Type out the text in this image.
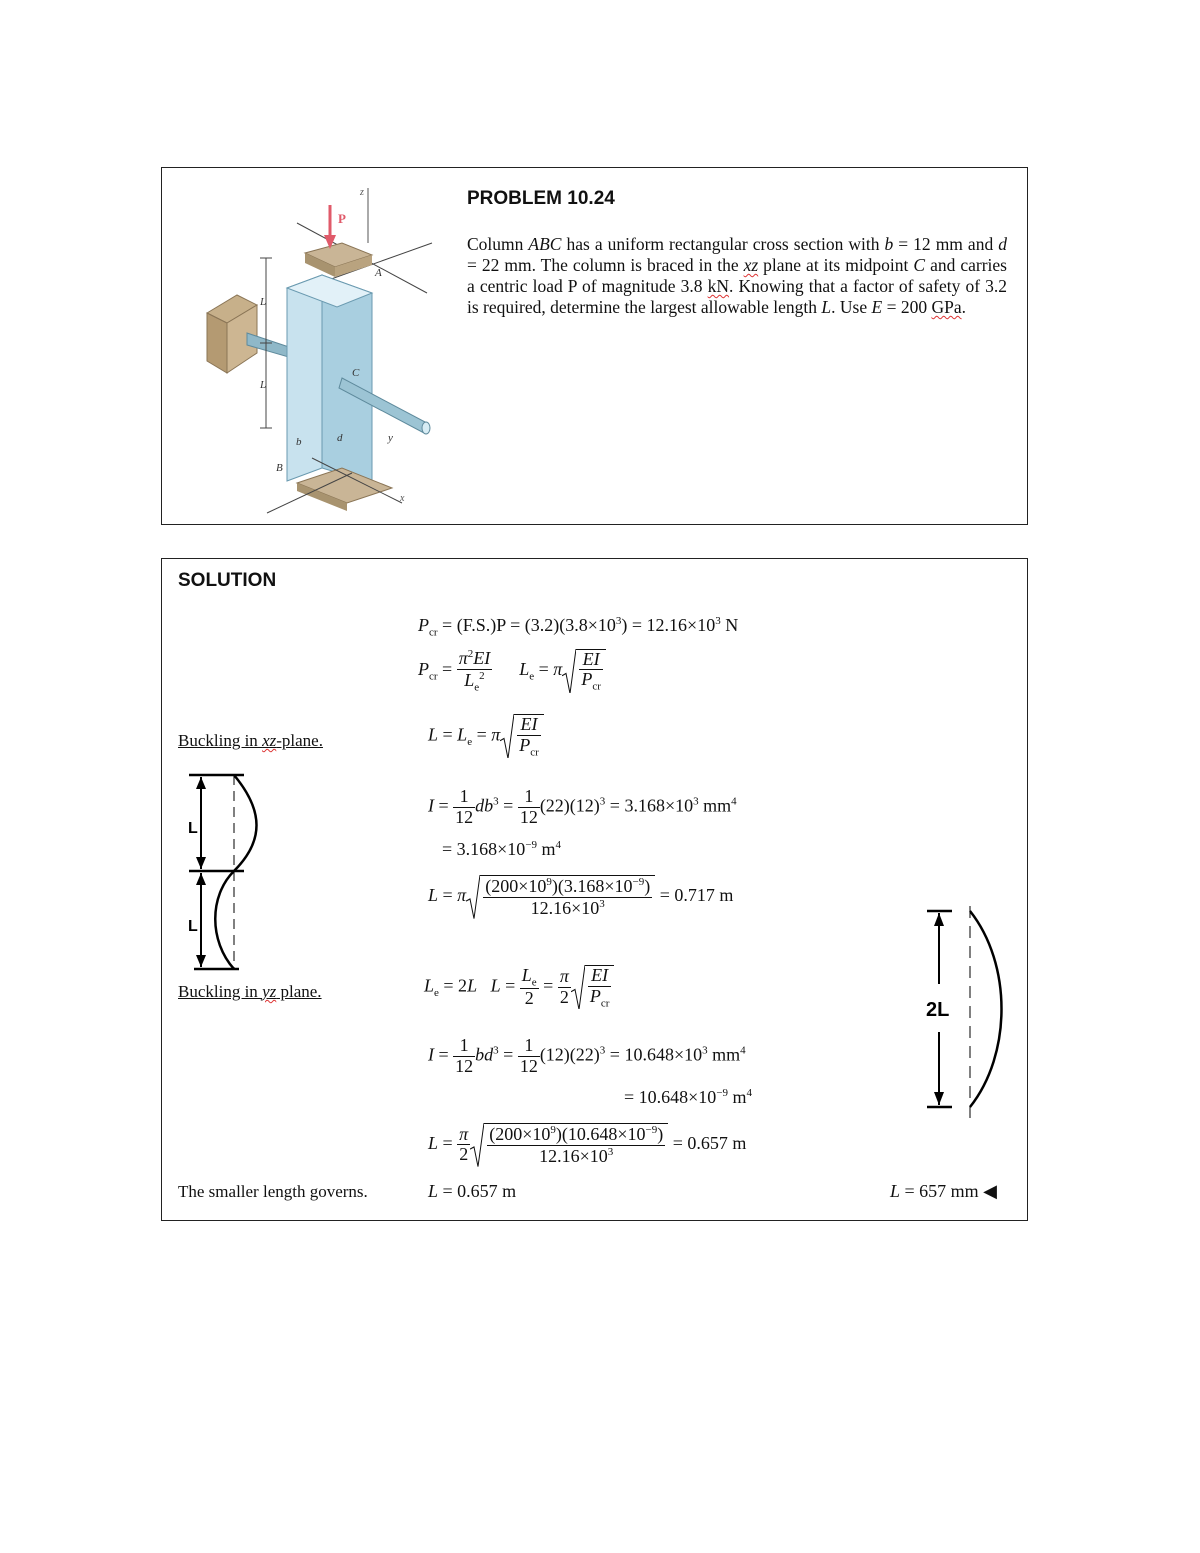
z
P
L
L
A
C
b	d	y
B
x
PROBLEM 10.24
Column ABC has a uniform rectangular cross section with b = 12 mm and d = 22 mm. The column is braced in the xz plane at its midpoint C and carries a centric load P of magnitude 3.8 kN. Knowing that a factor of safety of 3.2 is required, determine the largest allowable length L. Use E = 200 GPa.
SOLUTION
$P_{cr} = (F.S.)P = (3.2)(3.8\times 10^3) = 12.16\times 10^3$ N
$P_{cr} = \frac{\pi^2EI}{L_e^2} L_e = \pi \frac{EI}{P_{cr}}$
Buckling in xz-plane.	$L = L_e = \pi \frac{EI}{P_{cr}}$
L
L
$I = \frac{1}{12} db^3 = \frac{1}{12} (22)(12)^3 = 3.168\times 10^3$ $mm^4$
= $3.168\times 10^{-9}$ $m^4$
L = π $\frac{(200\times 10^9)(3.168\times 10^{-9})}{12.16\times 10^3} = 0.717$ m
Buckling in yz plane.	$L_e = 2L$ $L = \frac{L_e}{2} = \frac{\pi}{2} \frac{EI}{P_{cr}}$
$I = \frac{1}{12} bd^3 = \frac{1}{12} (12)(22)^3 = 10.648\times 10^3$ $mm^4$
= $10.648\times 10^{-9}$ $m^4$
$L = \frac{\pi}{2} \frac{(200\times 10^9)(10.648\times 10^{-9})}{12.16\times 10^3} = 0.657$ m
The smaller length governs.	L = 0.657 m	L = 657 mm ◀
2L
